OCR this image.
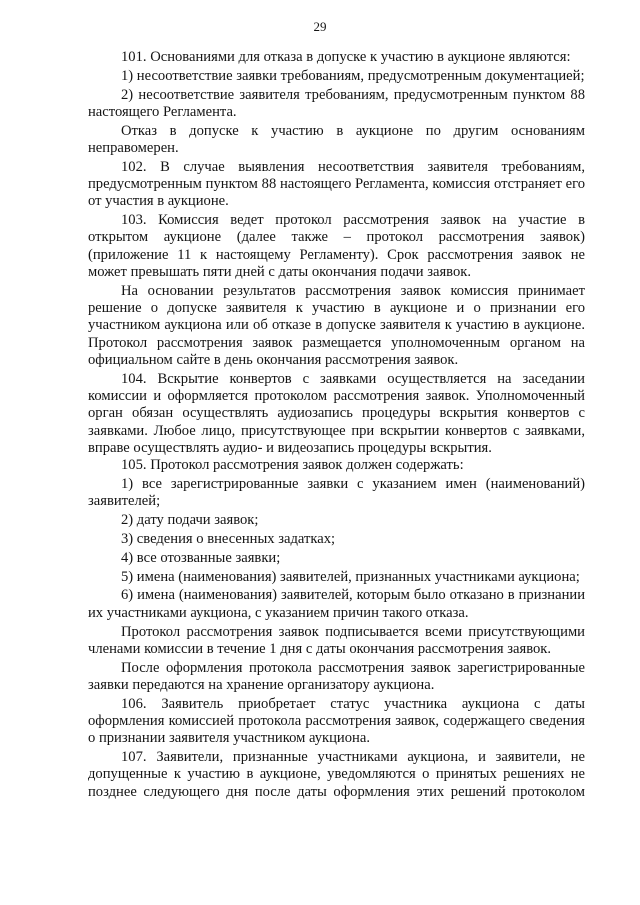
29

101. Основаниями для отказа в допуске к участию в аукционе являются:

1) несоответствие заявки требованиям, предусмотренным документацией;

2) несоответствие заявителя требованиям, предусмотренным пунктом 88 настоящего Регламента.

Отказ в допуске к участию в аукционе по другим основаниям неправомерен.

102. В случае выявления несоответствия заявителя требованиям, предусмотренным пунктом 88 настоящего Регламента, комиссия отстраняет его от участия в аукционе.

103. Комиссия ведет протокол рассмотрения заявок на участие в открытом аукционе (далее также – протокол рассмотрения заявок) (приложение 11 к настоящему Регламенту). Срок рассмотрения заявок не может превышать пяти дней с даты окончания подачи заявок.

На основании результатов рассмотрения заявок комиссия принимает решение о допуске заявителя к участию в аукционе и о признании его участником аукциона или об отказе в допуске заявителя к участию в аукционе. Протокол рассмотрения заявок размещается уполномоченным органом на официальном сайте в день окончания рассмотрения заявок.

104. Вскрытие конвертов с заявками осуществляется на заседании комиссии и оформляется протоколом рассмотрения заявок. Уполномоченный орган обязан осуществлять аудиозапись процедуры вскрытия конвертов с заявками. Любое лицо, присутствующее при вскрытии конвертов с заявками, вправе осуществлять аудио- и видеозапись процедуры вскрытия.

105. Протокол рассмотрения заявок должен содержать:

1) все зарегистрированные заявки с указанием имен (наименований) заявителей;

2) дату подачи заявок;

3) сведения о внесенных задатках;

4) все отозванные заявки;

5) имена (наименования) заявителей, признанных участниками аукциона;

6) имена (наименования) заявителей, которым было отказано в признании их участниками аукциона, с указанием причин такого отказа.

Протокол рассмотрения заявок подписывается всеми присутствующими членами комиссии в течение 1 дня с даты окончания рассмотрения заявок.

После оформления протокола рассмотрения заявок зарегистрированные заявки передаются на хранение организатору аукциона.

106. Заявитель приобретает статус участника аукциона с даты оформления комиссией протокола рассмотрения заявок, содержащего сведения о признании заявителя участником аукциона.

107. Заявители, признанные участниками аукциона, и заявители, не допущенные к участию в аукционе, уведомляются о принятых решениях не позднее следующего дня после даты оформления этих решений протоколом
